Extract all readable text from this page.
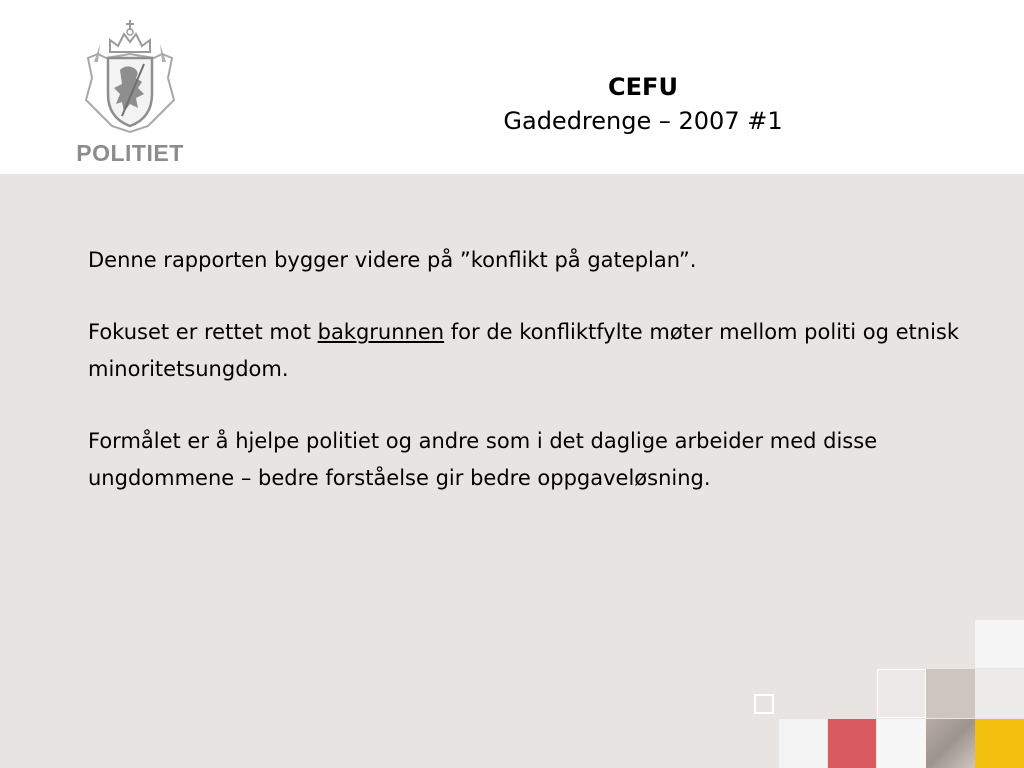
POLITIET
CEFU
Gadedrenge – 2007 #1

Denne rapporten bygger videre på ”konflikt på gateplan”.

Fokuset er rettet mot bakgrunnen for de konfliktfylte møter mellom politi og etnisk minoritetsungdom.

Formålet er å hjelpe politiet og andre som i det daglige arbeider med disse ungdommene – bedre forståelse gir bedre oppgaveløsning.
